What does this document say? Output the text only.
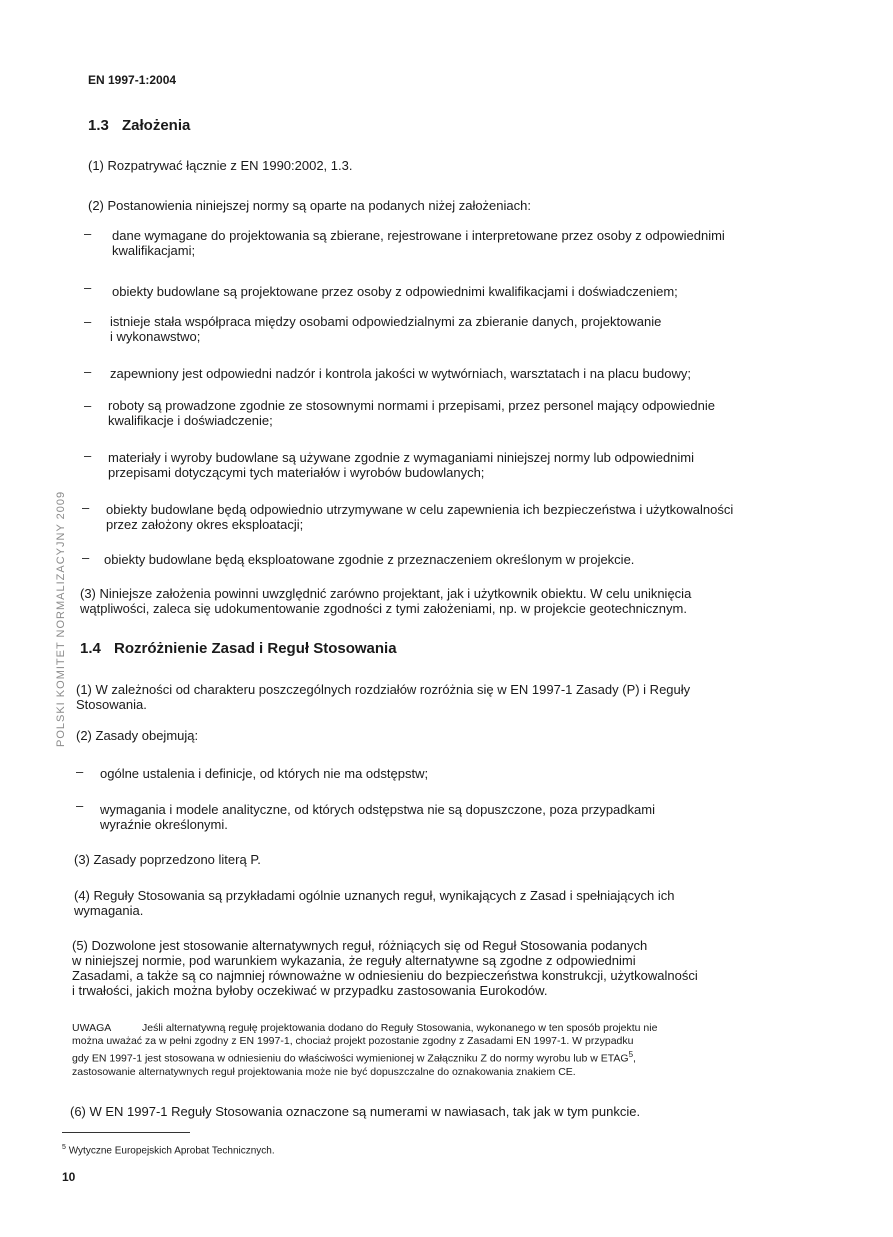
EN 1997-1:2004
POLSKI KOMITET NORMALIZACYJNY 2009
1.3 Założenia
(1) Rozpatrywać łącznie z EN 1990:2002, 1.3.
(2) Postanowienia niniejszej normy są oparte na podanych niżej założeniach:
– dane wymagane do projektowania są zbierane, rejestrowane i interpretowane przez osoby z odpowiednimi
kwalifikacjami;
– obiekty budowlane są projektowane przez osoby z odpowiednimi kwalifikacjami i doświadczeniem;
– istnieje stała współpraca między osobami odpowiedzialnymi za zbieranie danych, projektowanie
i wykonawstwo;
– zapewniony jest odpowiedni nadzór i kontrola jakości w wytwórniach, warsztatach i na placu budowy;
– roboty są prowadzone zgodnie ze stosownymi normami i przepisami, przez personel mający odpowiednie
kwalifikacje i doświadczenie;
– materiały i wyroby budowlane są używane zgodnie z wymaganiami niniejszej normy lub odpowiednimi
przepisami dotyczącymi tych materiałów i wyrobów budowlanych;
– obiekty budowlane będą odpowiednio utrzymywane w celu zapewnienia ich bezpieczeństwa i użytkowalności
przez założony okres eksploatacji;
– obiekty budowlane będą eksploatowane zgodnie z przeznaczeniem określonym w projekcie.
(3) Niniejsze założenia powinni uwzględnić zarówno projektant, jak i użytkownik obiektu. W celu uniknięcia
wątpliwości, zaleca się udokumentowanie zgodności z tymi założeniami, np. w projekcie geotechnicznym.
1.4 Rozróżnienie Zasad i Reguł Stosowania
(1) W zależności od charakteru poszczególnych rozdziałów rozróżnia się w EN 1997-1 Zasady (P) i Reguły
Stosowania.
(2) Zasady obejmują:
– ogólne ustalenia i definicje, od których nie ma odstępstw;
– wymagania i modele analityczne, od których odstępstwa nie są dopuszczone, poza przypadkami
wyraźnie określonymi.
(3) Zasady poprzedzono literą P.
(4) Reguły Stosowania są przykładami ogólnie uznanych reguł, wynikających z Zasad i spełniających ich
wymagania.
(5) Dozwolone jest stosowanie alternatywnych reguł, różniących się od Reguł Stosowania podanych
w niniejszej normie, pod warunkiem wykazania, że reguły alternatywne są zgodne z odpowiednimi
Zasadami, a także są co najmniej równoważne w odniesieniu do bezpieczeństwa konstrukcji, użytkowalności
i trwałości, jakich można byłoby oczekiwać w przypadku zastosowania Eurokodów.
UWAGA	Jeśli alternatywną regułę projektowania dodano do Reguły Stosowania, wykonanego w ten sposób projektu nie
można uważać za w pełni zgodny z EN 1997-1, chociaż projekt pozostanie zgodny z Zasadami EN 1997-1. W przypadku
gdy EN 1997-1 jest stosowana w odniesieniu do właściwości wymienionej w Załączniku Z do normy wyrobu lub w ETAG$^5$,
zastosowanie alternatywnych reguł projektowania może nie być dopuszczalne do oznakowania znakiem CE.
(6) W EN 1997-1 Reguły Stosowania oznaczone są numerami w nawiasach, tak jak w tym punkcie.
$^5$ Wytyczne Europejskich Aprobat Technicznych.
10
